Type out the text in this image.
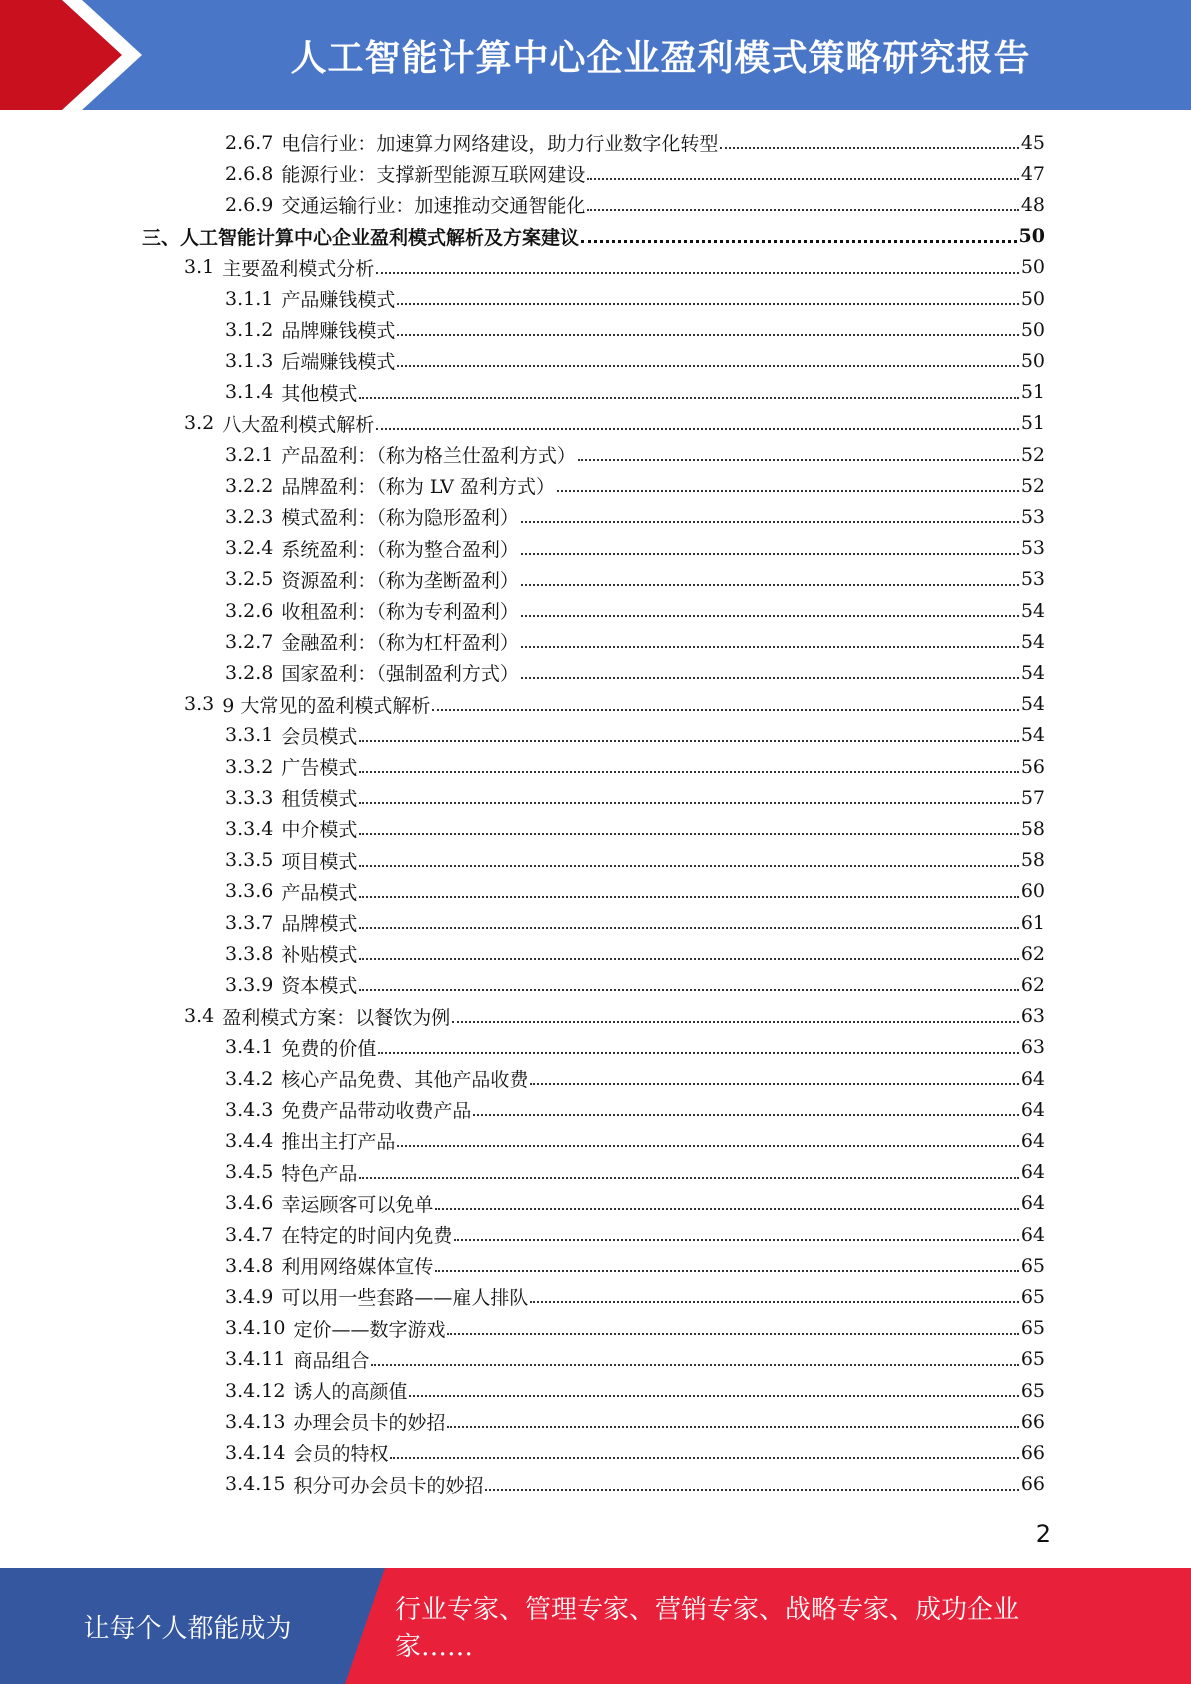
人工智能计算中心企业盈利模式策略研究报告
2.6.7 电信行业：加速算力网络建设，助力行业数字化转型	45
2.6.8 能源行业：支撑新型能源互联网建设	47
2.6.9 交通运输行业：加速推动交通智能化	48
三、人工智能计算中心企业盈利模式解析及方案建议	50
3.1 主要盈利模式分析	50
3.1.1 产品赚钱模式	50
3.1.2 品牌赚钱模式	50
3.1.3 后端赚钱模式	50
3.1.4 其他模式	51
3.2 八大盈利模式解析	51
3.2.1 产品盈利：（称为格兰仕盈利方式）	52
3.2.2 品牌盈利：（称为 LV 盈利方式）	52
3.2.3 模式盈利：（称为隐形盈利）	53
3.2.4 系统盈利：（称为整合盈利）	53
3.2.5 资源盈利：（称为垄断盈利）	53
3.2.6 收租盈利：（称为专利盈利）	54
3.2.7 金融盈利：（称为杠杆盈利）	54
3.2.8 国家盈利：（强制盈利方式）	54
3.3 9 大常见的盈利模式解析	54
3.3.1 会员模式	54
3.3.2 广告模式	56
3.3.3 租赁模式	57
3.3.4 中介模式	58
3.3.5 项目模式	58
3.3.6 产品模式	60
3.3.7 品牌模式	61
3.3.8 补贴模式	62
3.3.9 资本模式	62
3.4 盈利模式方案：以餐饮为例	63
3.4.1 免费的价值	63
3.4.2 核心产品免费、其他产品收费	64
3.4.3 免费产品带动收费产品	64
3.4.4 推出主打产品	64
3.4.5 特色产品	64
3.4.6 幸运顾客可以免单	64
3.4.7 在特定的时间内免费	64
3.4.8 利用网络媒体宣传	65
3.4.9 可以用一些套路——雇人排队	65
3.4.10 定价——数字游戏	65
3.4.11 商品组合	65
3.4.12 诱人的高颜值	65
3.4.13 办理会员卡的妙招	66
3.4.14 会员的特权	66
3.4.15 积分可办会员卡的妙招	66
2
让每个人都能成为
行业专家、管理专家、营销专家、战略专家、成功企业家……
